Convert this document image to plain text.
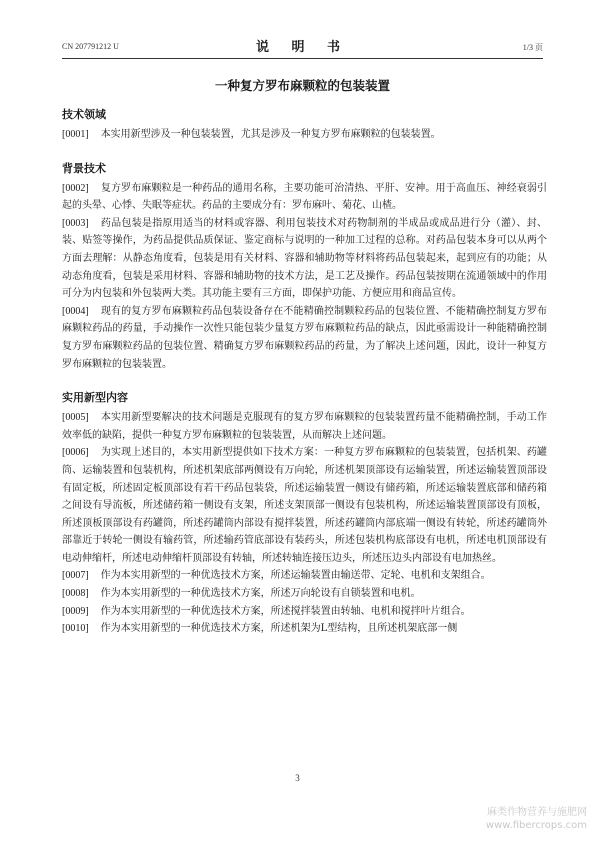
CN 207791212 U	说 明 书	1/3 页
一种复方罗布麻颗粒的包装装置
技术领域

[0001] 本实用新型涉及一种包装装置，尤其是涉及一种复方罗布麻颗粒的包装装置。

背景技术

[0002] 复方罗布麻颗粒是一种药品的通用名称，主要功能可治清热、平肝、安神。用于高血压、神经衰弱引起的头晕、心悸、失眠等症状。药品的主要成分有：罗布麻叶、菊花、山楂。

[0003] 药品包装是指原用适当的材料或容器、利用包装技术对药物制剂的半成品或成品进行分（灌）、封、装、贴签等操作，为药品提供品质保证、鉴定商标与说明的一种加工过程的总称。对药品包装本身可以从两个方面去理解：从静态角度看，包装是用有关材料、容器和辅助物等材料将药品包装起来，起到应有的功能；从动态角度看，包装是采用材料、容器和辅助物的技术方法，是工艺及操作。药品包装按期在流通领域中的作用可分为内包装和外包装两大类。其功能主要有三方面，即保护功能、方便应用和商品宣传。

[0004] 现有的复方罗布麻颗粒药品包装设备存在不能精确控制颗粒药品的包装位置、不能精确控制复方罗布麻颗粒药品的药量，手动操作一次性只能包装少量复方罗布麻颗粒药品的缺点，因此亟需设计一种能精确控制复方罗布麻颗粒药品的包装位置、精确复方罗布麻颗粒药品的药量，为了解决上述问题，因此，设计一种复方罗布麻颗粒的包装装置。

实用新型内容

[0005] 本实用新型要解决的技术问题是克服现有的复方罗布麻颗粒的包装装置药量不能精确控制，手动工作效率低的缺陷，提供一种复方罗布麻颗粒的包装装置，从而解决上述问题。

[0006] 为实现上述目的，本实用新型提供如下技术方案：一种复方罗布麻颗粒的包装装置，包括机架、药罐筒、运输装置和包装机构，所述机架底部两侧设有万向轮，所述机架顶部设有运输装置，所述运输装置顶部设有固定板，所述固定板顶部设有若干药品包装袋，所述运输装置一侧设有储药箱，所述运输装置底部和储药箱之间设有导流板，所述储药箱一侧设有支架，所述支架顶部一侧设有包装机构，所述运输装置顶部设有顶板，所述顶板顶部设有药罐筒，所述药罐筒内部设有搅拌装置，所述药罐筒内部底端一侧设有转轮，所述药罐筒外部靠近于转轮一侧设有输药管，所述输药管底部设有装药头，所述包装机构底部设有电机，所述电机顶部设有电动伸缩杆，所述电动伸缩杆顶部设有转轴，所述转轴连接压边头，所述压边头内部设有电加热丝。

[0007] 作为本实用新型的一种优选技术方案，所述运输装置由输送带、定轮、电机和支架组合。

[0008] 作为本实用新型的一种优选技术方案，所述万向轮设有自锁装置和电机。

[0009] 作为本实用新型的一种优选技术方案，所述搅拌装置由转轴、电机和搅拌叶片组合。

[0010] 作为本实用新型的一种优选技术方案，所述机架为L型结构，且所述机架底部一侧

3
麻类作物营养与施肥网
www.fibercrops.com
